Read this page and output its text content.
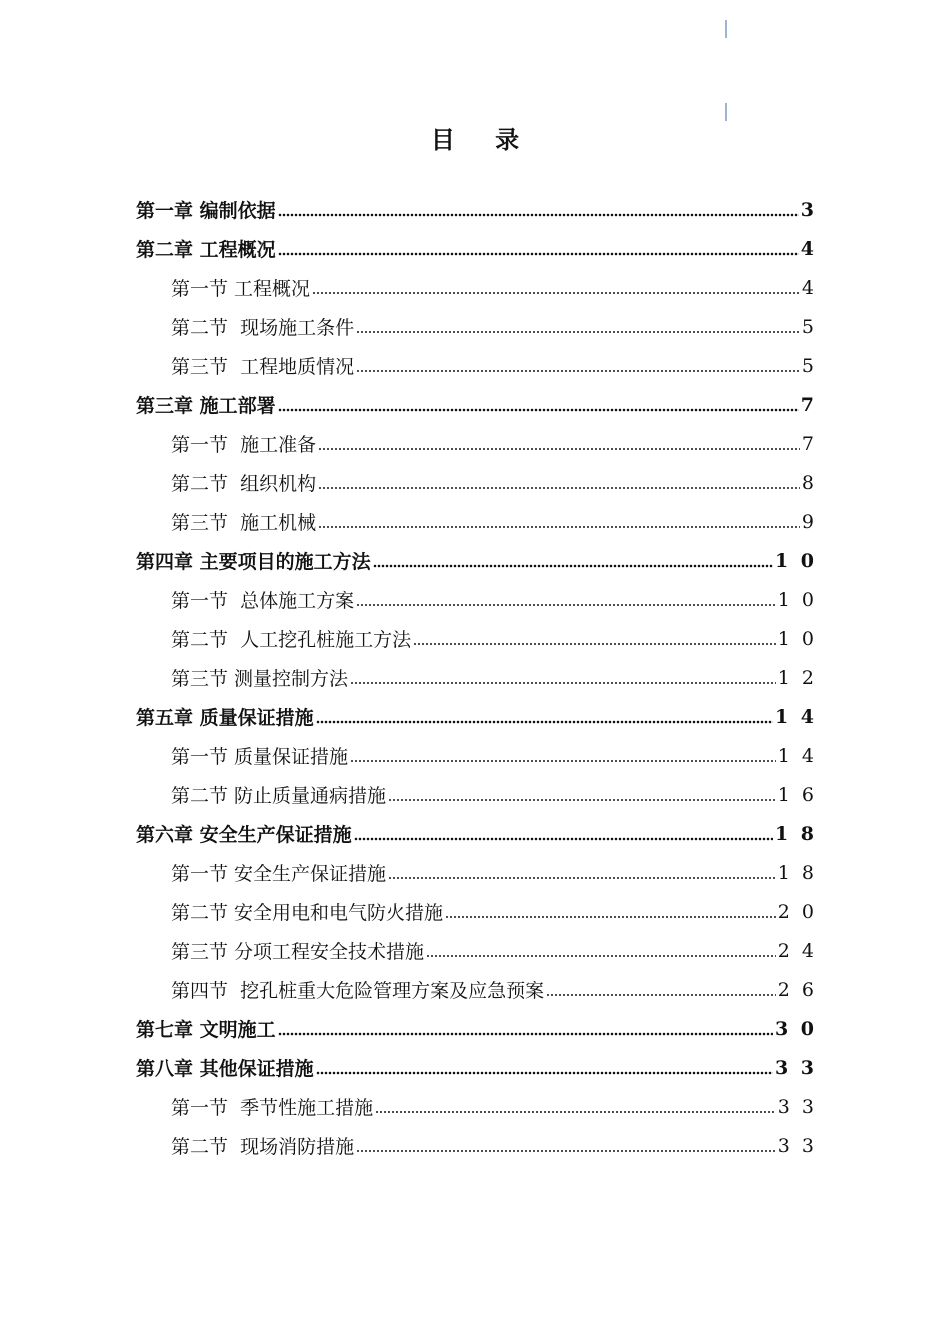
目 录
第一章 编制依据	3
第二章 工程概况	4
第一节 工程概况	4
第二节  现场施工条件	5
第三节  工程地质情况	5
第三章 施工部署	7
第一节  施工准备	7
第二节  组织机构	8
第三节  施工机械	9
第四章 主要项目的施工方法	1 0
第一节  总体施工方案	1 0
第二节  人工挖孔桩施工方法	1 0
第三节 测量控制方法	1 2
第五章 质量保证措施	1 4
第一节 质量保证措施	1 4
第二节 防止质量通病措施	1 6
第六章 安全生产保证措施	1 8
第一节 安全生产保证措施	1 8
第二节 安全用电和电气防火措施	2 0
第三节 分项工程安全技术措施	2 4
第四节  挖孔桩重大危险管理方案及应急预案	2 6
第七章 文明施工	3 0
第八章 其他保证措施	3 3
第一节  季节性施工措施	3 3
第二节  现场消防措施	3 3
